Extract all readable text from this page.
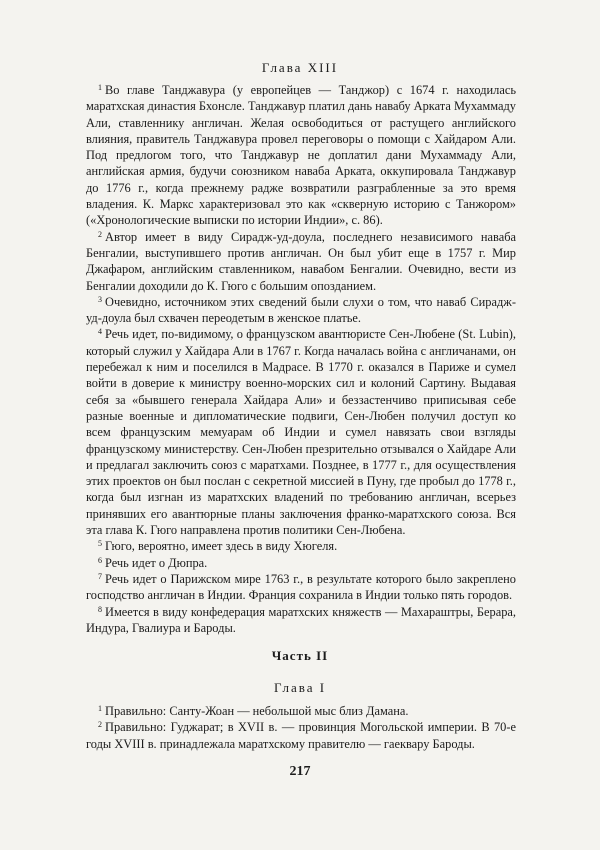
Глава XIII

$^1$ Во главе Танджавура (у европейцев — Танджор) с 1674 г. находилась маратхская династия Бхонсле. Танджавур платил дань навабу Арката Мухаммаду Али, ставленнику англичан. Желая освободиться от растущего английского влияния, правитель Танджавура провел переговоры о помощи с Хайдаром Али. Под предлогом того, что Танджавур не доплатил дани Мухаммаду Али, английская армия, будучи союзником наваба Арката, оккупировала Танджавур до 1776 г., когда прежнему радже возвратили разграбленные за это время владения. К. Маркс характеризовал это как «скверную историю с Танжором» («Хронологические выписки по истории Индии», с. 86).

$^2$ Автор имеет в виду Сирадж-уд-доула, последнего независимого наваба Бенгалии, выступившего против англичан. Он был убит еще в 1757 г. Мир Джафаром, английским ставленником, навабом Бенгалии. Очевидно, вести из Бенгалии доходили до К. Гюго с большим опозданием.

$^3$ Очевидно, источником этих сведений были слухи о том, что наваб Сирадж-уд-доула был схвачен переодетым в женское платье.

$^4$ Речь идет, по-видимому, о французском авантюристе Сен-Любене (St. Lubin), который служил у Хайдара Али в 1767 г. Когда началась война с англичанами, он перебежал к ним и поселился в Мадрасе. В 1770 г. оказался в Париже и сумел войти в доверие к министру военно-морских сил и колоний Сартину. Выдавая себя за «бывшего генерала Хайдара Али» и беззастенчиво приписывая себе разные военные и дипломатические подвиги, Сен-Любен получил доступ ко всем французским мемуарам об Индии и сумел навязать свои взгляды французскому министерству. Сен-Любен презрительно отзывался о Хайдаре Али и предлагал заключить союз с маратхами. Позднее, в 1777 г., для осуществления этих проектов он был послан с секретной миссией в Пуну, где пробыл до 1778 г., когда был изгнан из маратхских владений по требованию англичан, всерьез принявших его авантюрные планы заключения франко-маратхского союза. Вся эта глава К. Гюго направлена против политики Сен-Любена.

$^5$ Гюго, вероятно, имеет здесь в виду Хюгеля.

$^6$ Речь идет о Дюпра.

$^7$ Речь идет о Парижском мире 1763 г., в результате которого было закреплено господство англичан в Индии. Франция сохранила в Индии только пять городов.

$^8$ Имеется в виду конфедерация маратхских княжеств — Махараштры, Берара, Индура, Гвалиура и Бароды.

Часть II
Глава I

$^1$ Правильно: Санту-Жоан — небольшой мыс близ Дамана.

$^2$ Правильно: Гуджарат; в XVII в. — провинция Могольской империи. В 70-е годы XVIII в. принадлежала маратхскому правителю — гаеквару Бароды.

217
